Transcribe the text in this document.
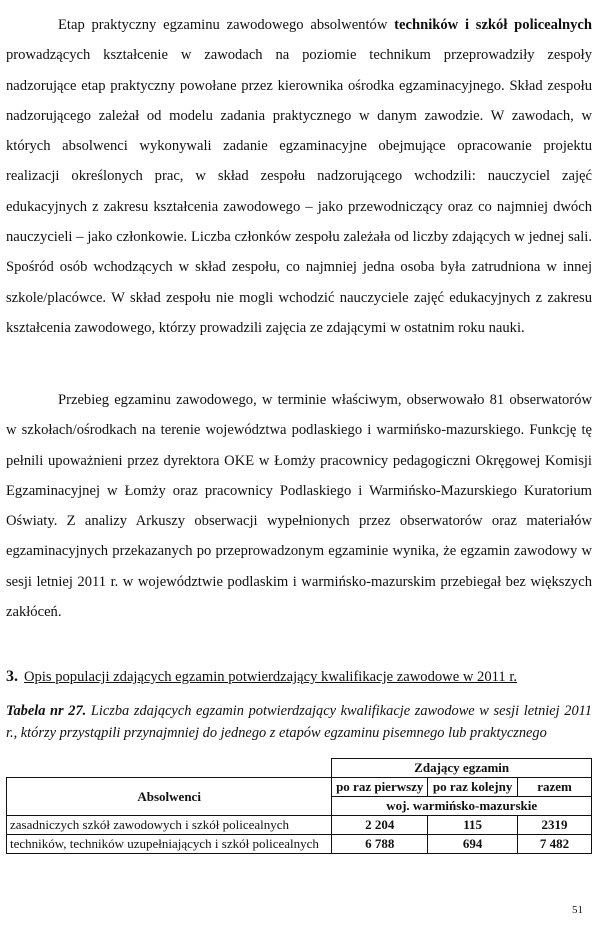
Etap praktyczny egzaminu zawodowego absolwentów techników i szkół policealnych prowadzących kształcenie w zawodach na poziomie technikum przeprowadziły zespoły nadzorujące etap praktyczny powołane przez kierownika ośrodka egzaminacyjnego. Skład zespołu nadzorującego zależał od modelu zadania praktycznego w danym zawodzie. W zawodach, w których absolwenci wykonywali zadanie egzaminacyjne obejmujące opracowanie projektu realizacji określonych prac, w skład zespołu nadzorującego wchodzili: nauczyciel zajęć edukacyjnych z zakresu kształcenia zawodowego – jako przewodniczący oraz co najmniej dwóch nauczycieli – jako członkowie. Liczba członków zespołu zależała od liczby zdających w jednej sali. Spośród osób wchodzących w skład zespołu, co najmniej jedna osoba była zatrudniona w innej szkole/placówce. W skład zespołu nie mogli wchodzić nauczyciele zajęć edukacyjnych z zakresu kształcenia zawodowego, którzy prowadzili zajęcia ze zdającymi w ostatnim roku nauki.

Przebieg egzaminu zawodowego, w terminie właściwym, obserwowało 81 obserwatorów w szkołach/ośrodkach na terenie województwa podlaskiego i warmińsko-mazurskiego. Funkcję tę pełnili upoważnieni przez dyrektora OKE w Łomży pracownicy pedagogiczni Okręgowej Komisji Egzaminacyjnej w Łomży oraz pracownicy Podlaskiego i Warmińsko-Mazurskiego Kuratorium Oświaty. Z analizy Arkuszy obserwacji wypełnionych przez obserwatorów oraz materiałów egzaminacyjnych przekazanych po przeprowadzonym egzaminie wynika, że egzamin zawodowy w sesji letniej 2011 r. w województwie podlaskim i warmińsko-mazurskim przebiegał bez większych zakłóceń.

3. Opis populacji zdających egzamin potwierdzający kwalifikacje zawodowe w 2011 r.

Tabela nr 27. Liczba zdających egzamin potwierdzający kwalifikacje zawodowe w sesji letniej 2011 r., którzy przystąpili przynajmniej do jednego z etapów egzaminu pisemnego lub praktycznego

	Zdający egzamin		
Absolwenci	po raz pierwszy	po raz kolejny	razem
	woj. warmińsko-mazurskie		
zasadniczych szkół zawodowych i szkół policealnych	2 204	115	2319
techników, techników uzupełniających i szkół policealnych	6 788	694	7 482
51
